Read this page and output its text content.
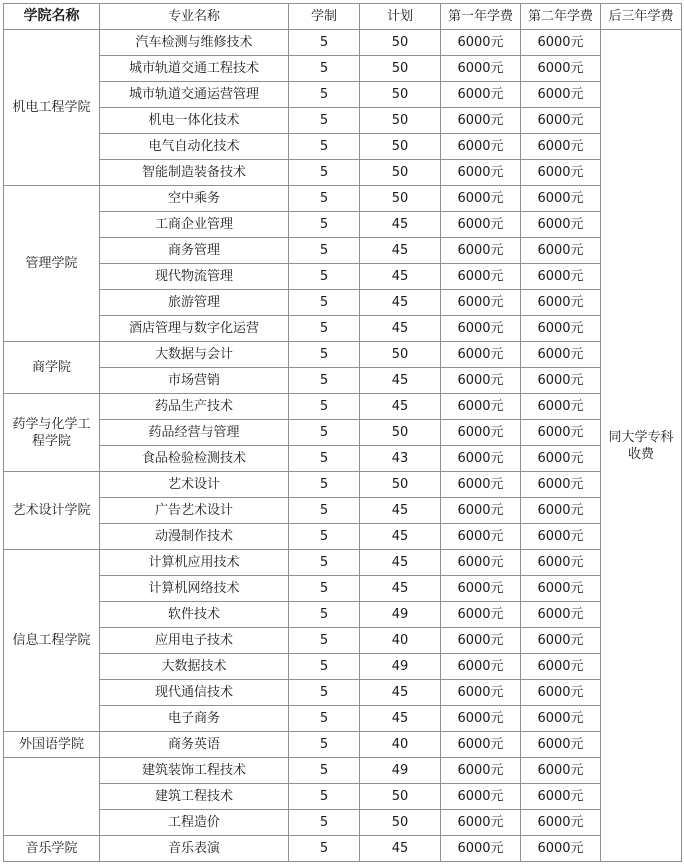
学院名称	专业名称	学制	计划	第一年学费	第二年学费	后三年学费
机电工程学院	汽车检测与维修技术	5	50	6000元	6000元	同大学专科收费
	城市轨道交通工程技术	5	50	6000元	6000元	
	城市轨道交通运营管理	5	50	6000元	6000元	
	机电一体化技术	5	50	6000元	6000元	
	电气自动化技术	5	50	6000元	6000元	
	智能制造装备技术	5	50	6000元	6000元	
管理学院	空中乘务	5	50	6000元	6000元	
	工商企业管理	5	45	6000元	6000元	
	商务管理	5	45	6000元	6000元	
	现代物流管理	5	45	6000元	6000元	
	旅游管理	5	45	6000元	6000元	
	酒店管理与数字化运营	5	45	6000元	6000元	
商学院	大数据与会计	5	50	6000元	6000元	
	市场营销	5	45	6000元	6000元	
药学与化学工程学院	药品生产技术	5	45	6000元	6000元	
	药品经营与管理	5	50	6000元	6000元	
	食品检验检测技术	5	43	6000元	6000元	
艺术设计学院	艺术设计	5	50	6000元	6000元	
	广告艺术设计	5	45	6000元	6000元	
	动漫制作技术	5	45	6000元	6000元	
信息工程学院	计算机应用技术	5	45	6000元	6000元	
	计算机网络技术	5	45	6000元	6000元	
	软件技术	5	49	6000元	6000元	
	应用电子技术	5	40	6000元	6000元	
	大数据技术	5	49	6000元	6000元	
	现代通信技术	5	45	6000元	6000元	
	电子商务	5	45	6000元	6000元	
外国语学院	商务英语	5	40	6000元	6000元	
	建筑装饰工程技术	5	49	6000元	6000元	
	建筑工程技术	5	50	6000元	6000元	
	工程造价	5	50	6000元	6000元	
音乐学院	音乐表演	5	45	6000元	6000元	
